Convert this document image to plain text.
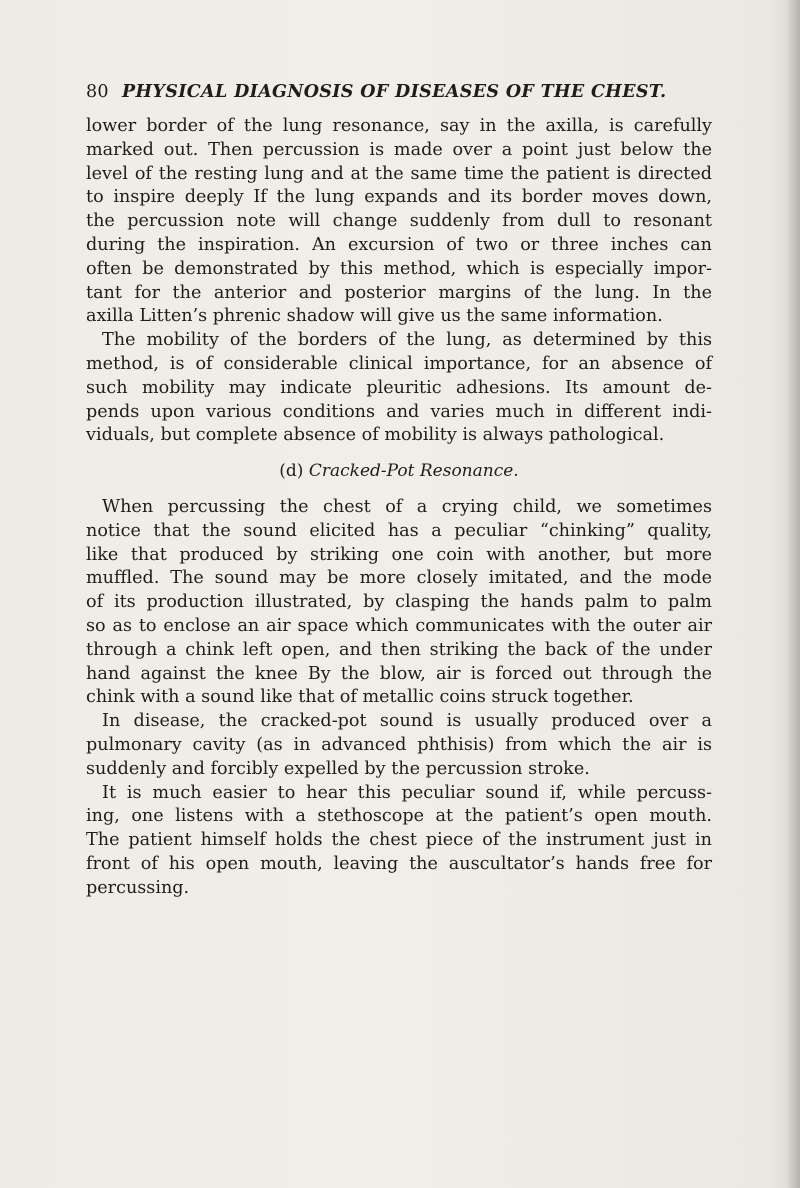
80 PHYSICAL DIAGNOSIS OF DISEASES OF THE CHEST.
lower border of the lung resonance, say in the axilla, is carefully
marked out. Then percussion is made over a point just below the
level of the resting lung and at the same time the patient is directed
to inspire deeply If the lung expands and its border moves down,
the percussion note will change suddenly from dull to resonant
during the inspiration. An excursion of two or three inches can
often be demonstrated by this method, which is especially impor-
tant for the anterior and posterior margins of the lung. In the
axilla Litten’s phrenic shadow will give us the same information.
The mobility of the borders of the lung, as determined by this
method, is of considerable clinical importance, for an absence of
such mobility may indicate pleuritic adhesions. Its amount de-
pends upon various conditions and varies much in different indi-
viduals, but complete absence of mobility is always pathological.
(d) Cracked-Pot Resonance.
When percussing the chest of a crying child, we sometimes
notice that the sound elicited has a peculiar “chinking” quality,
like that produced by striking one coin with another, but more
muffled. The sound may be more closely imitated, and the mode
of its production illustrated, by clasping the hands palm to palm
so as to enclose an air space which communicates with the outer air
through a chink left open, and then striking the back of the under
hand against the knee By the blow, air is forced out through the
chink with a sound like that of metallic coins struck together.
In disease, the cracked-pot sound is usually produced over a
pulmonary cavity (as in advanced phthisis) from which the air is
suddenly and forcibly expelled by the percussion stroke.
It is much easier to hear this peculiar sound if, while percuss-
ing, one listens with a stethoscope at the patient’s open mouth.
The patient himself holds the chest piece of the instrument just in
front of his open mouth, leaving the auscultator’s hands free for
percussing.
